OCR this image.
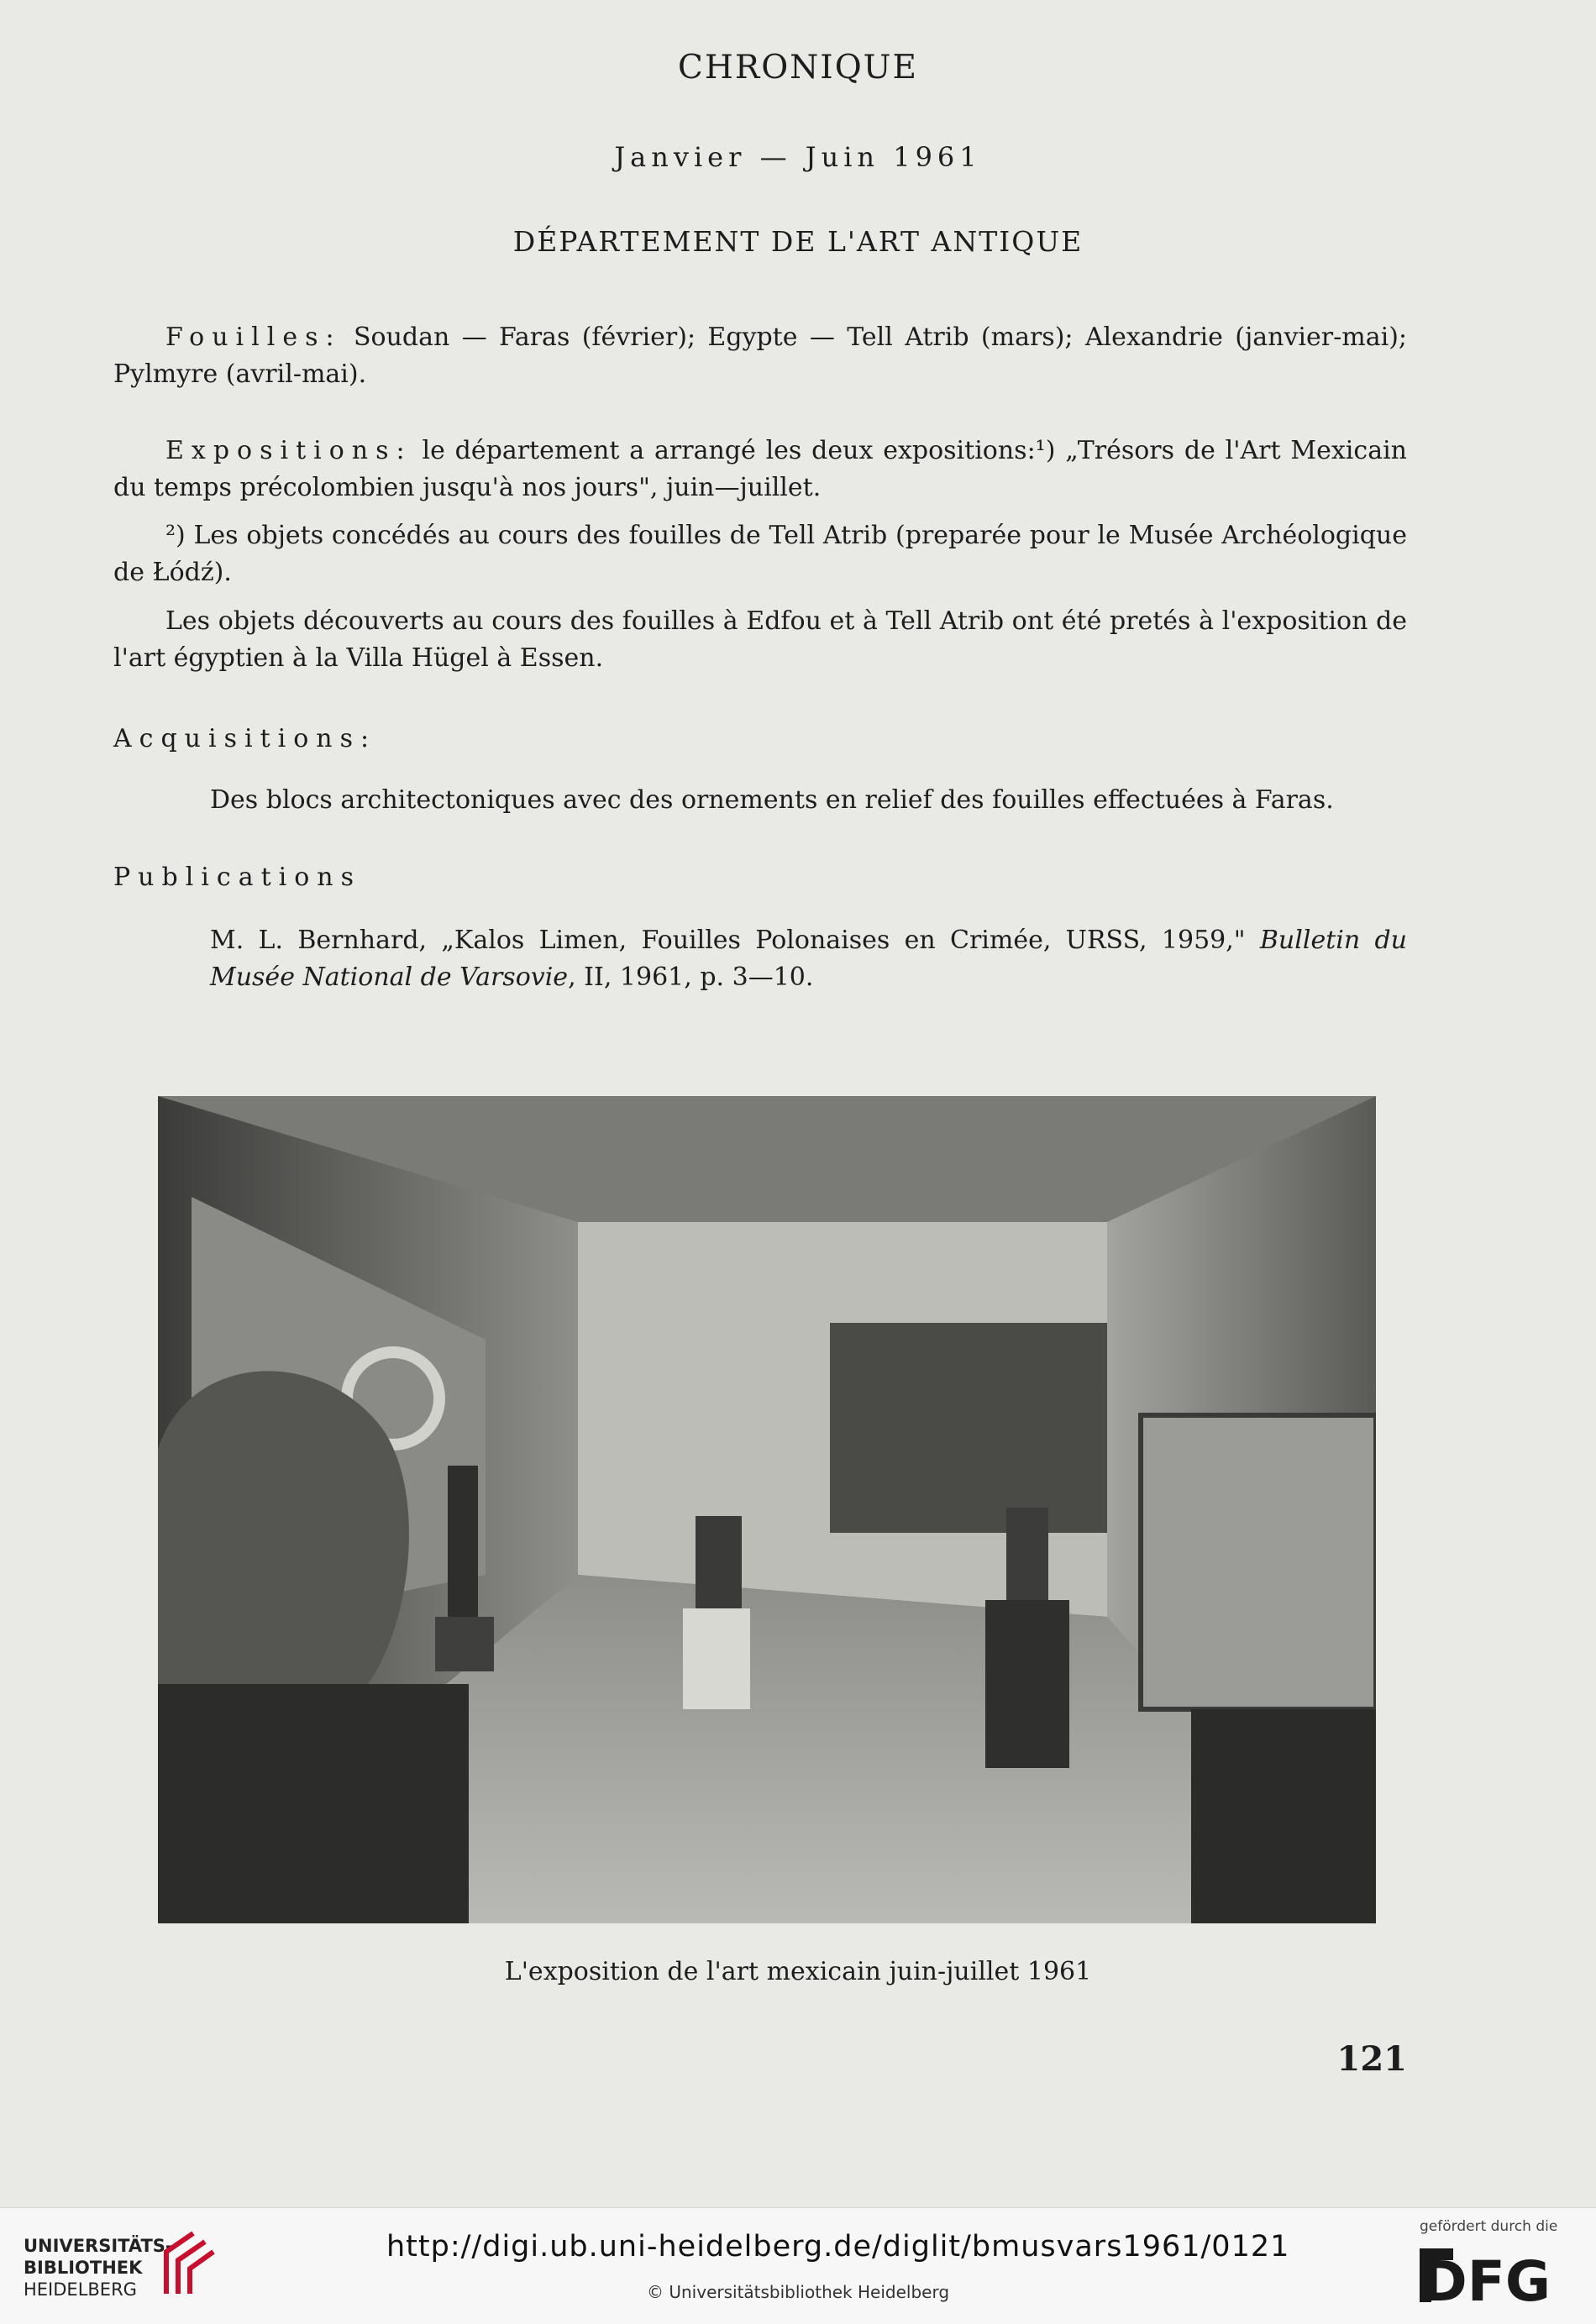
CHRONIQUE
Janvier — Juin 1961
DÉPARTEMENT DE L'ART ANTIQUE
Fouilles: Soudan — Faras (février); Egypte — Tell Atrib (mars); Alexandrie (janvier-mai); Pylmyre (avril-mai).
Expositions: le département a arrangé les deux expositions:¹) „Trésors de l'Art Mexicain du temps précolombien jusqu'à nos jours", juin—juillet.
²) Les objets concédés au cours des fouilles de Tell Atrib (preparée pour le Musée Archéologique de Łódź).
Les objets découverts au cours des fouilles à Edfou et à Tell Atrib ont été pretés à l'exposition de l'art égyptien à la Villa Hügel à Essen.
Acquisitions:
Des blocs architectoniques avec des ornements en relief des fouilles effectuées à Faras.
Publications
M. L. Bernhard, „Kalos Limen, Fouilles Polonaises en Crimée, URSS, 1959," Bulletin du Musée National de Varsovie, II, 1961, p. 3—10.
L'exposition de l'art mexicain juin-juillet 1961
121
UNIVERSITÄTS-
BIBLIOTHEK
HEIDELBERG
http://digi.ub.uni-heidelberg.de/diglit/bmusvars1961/0121
© Universitätsbibliothek Heidelberg
gefördert durch die
DFG
